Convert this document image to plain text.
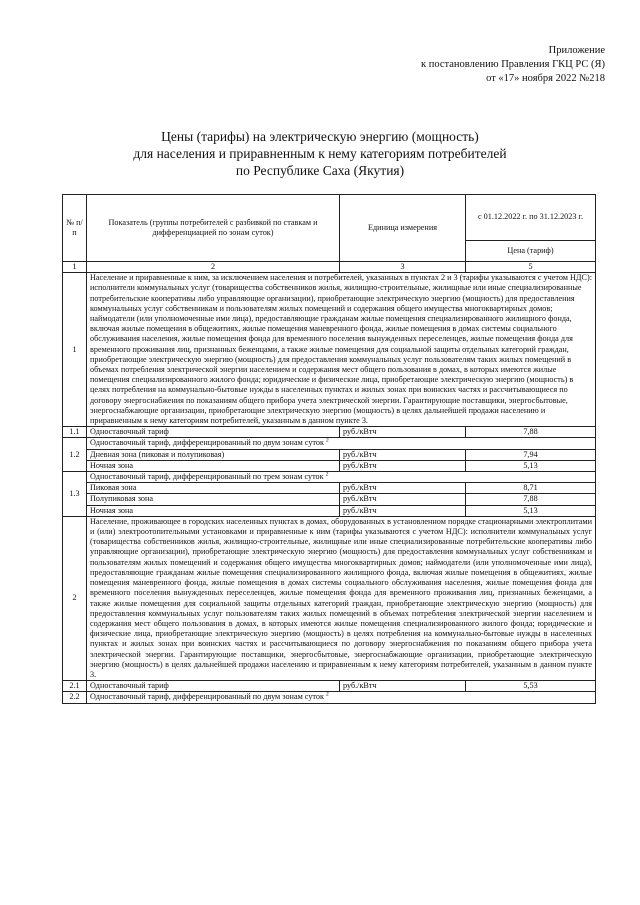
Приложение
к постановлению Правления ГКЦ РС (Я)
от «17» ноября 2022 №218
Цены (тарифы) на электрическую энергию (мощность)
для населения и приравненным к нему категориям потребителей
по Республике Саха (Якутия)
№ п/п	Показатель (группы потребителей с разбивкой по ставкам и дифференциацией по зонам суток)	Единица измерения	с 01.12.2022 г. по 31.12.2023 г.
			Цена (тариф)
1	2	3	5
1	Население и приравненные к ним, за исключением населения и потребителей, указанных в пунктах 2 и 3 (тарифы указываются с учетом НДС): исполнители коммунальных услуг (товарищества собственников жилья, жилищно-строительные, жилищные или иные специализированные потребительские кооперативы либо управляющие организации), приобретающие электрическую энергию (мощность) для предоставления коммунальных услуг собственникам и пользователям жилых помещений и содержания общего имущества многоквартирных домов; наймодатели (или уполномоченные ими лица), предоставляющие гражданам жилые помещения специализированного жилищного фонда, включая жилые помещения в общежитиях, жилые помещения маневренного фонда, жилые помещения в домах системы социального обслуживания населения, жилые помещения фонда для временного поселения вынужденных переселенцев, жилые помещения фонда для временного проживания лиц, признанных беженцами, а также жилые помещения для социальной защиты отдельных категорий граждан, приобретающие электрическую энергию (мощность) для предоставления коммунальных услуг пользователям таких жилых помещений в объемах потребления электрической энергии населением и содержания мест общего пользования в домах, в которых имеются жилые помещения специализированного жилого фонда; юридические и физические лица, приобретающие электрическую энергию (мощность) в целях потребления на коммунально-бытовые нужды в населенных пунктах и жилых зонах при воинских частях и рассчитывающиеся по договору энергоснабжения по показаниям общего прибора учета электрической энергии. Гарантирующие поставщики, энергосбытовые, энергоснабжающие организации, приобретающие электрическую энергию (мощность) в целях дальнейшей продажи населению и приравненным к нему категориям потребителей, указанным в данном пункте 3.		
1.1	Одноставочный тариф	руб./кВтч	7,88
1.2	Одноставочный тариф, дифференцированный по двум зонам суток $^2$
	Дневная зона (пиковая и полупиковая)	руб./кВтч	7,94
	Ночная зона	руб./кВтч	5,13
1.3	Одноставочный тариф, дифференцированный по трем зонам суток $^2$
	Пиковая зона	руб./кВтч	8,71
	Полупиковая зона	руб./кВтч	7,88
	Ночная зона	руб./кВтч	5,13
2	Население, проживающее в городских населенных пунктах в домах, оборудованных в установленном порядке стационарными электроплитами и (или) электроотопительными установками и приравненные к ним (тарифы указываются с учетом НДС): исполнители коммунальных услуг (товарищества собственников жилья, жилищно-строительные, жилищные или иные специализированные потребительские кооперативы либо управляющие организации), приобретающие электрическую энергию (мощность) для предоставления коммунальных услуг собственникам и пользователям жилых помещений и содержания общего имущества многоквартирных домов; наймодатели (или уполномоченные ими лица), предоставляющие гражданам жилые помещения специализированного жилищного фонда, включая жилые помещения в общежитиях, жилые помещения маневренного фонда, жилые помещения в домах системы социального обслуживания населения, жилые помещения фонда для временного поселения вынужденных переселенцев, жилые помещения фонда для временного проживания лиц, признанных беженцами, а также жилые помещения для социальной защиты отдельных категорий граждан, приобретающие электрическую энергию (мощность) для предоставления коммунальных услуг пользователям таких жилых помещений в объемах потребления электрической энергии населением и содержания мест общего пользования в домах, в которых имеются жилые помещения специализированного жилого фонда; юридические и физические лица, приобретающие электрическую энергию (мощность) в целях потребления на коммунально-бытовые нужды в населенных пунктах и жилых зонах при воинских частях и рассчитывающиеся по договору энергоснабжения по показаниям общего прибора учета электрической энергии. Гарантирующие поставщики, энергосбытовые, энергоснабжающие организации, приобретающие электрическую энергию (мощность) в целях дальнейшей продажи населению и приравненным к нему категориям потребителей, указанным в данном пункте 3.		
2.1	Одноставочный тариф	руб./кВтч	5,53
2.2	Одноставочный тариф, дифференцированный по двум зонам суток $^2$
